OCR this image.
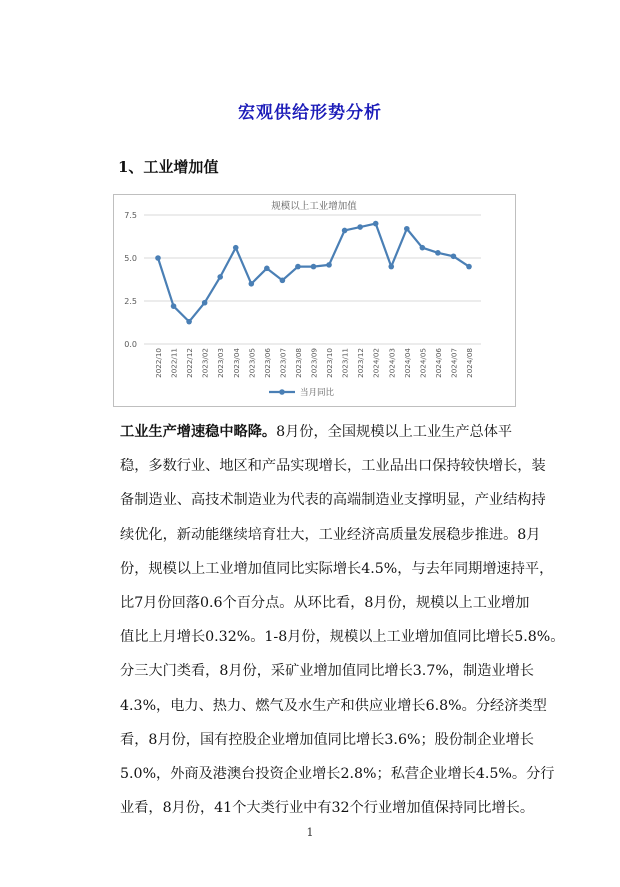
宏观供给形势分析
1、工业增加值
规模以上工业增加值
0.0
2.5
5.0
7.5
2022/10 2022/11 2022/12 2023/02 2023/03 2023/04 2023/05 2023/06 2023/07 2023/08 2023/09 2023/10 2023/11 2023/12 2024/02 2024/03 2024/04 2024/05 2024/06 2024/07 2024/08
当月同比
工业生产增速稳中略降。8月份，全国规模以上工业生产总体平
稳，多数行业、地区和产品实现增长，工业品出口保持较快增长，装
备制造业、高技术制造业为代表的高端制造业支撑明显，产业结构持
续优化，新动能继续培育壮大，工业经济高质量发展稳步推进。8月
份，规模以上工业增加值同比实际增长4.5%，与去年同期增速持平，
比7月份回落0.6个百分点。从环比看，8月份，规模以上工业增加
值比上月增长0.32%。1-8月份，规模以上工业增加值同比增长5.8%。
分三大门类看，8月份，采矿业增加值同比增长3.7%，制造业增长
4.3%，电力、热力、燃气及水生产和供应业增长6.8%。分经济类型
看，8月份，国有控股企业增加值同比增长3.6%；股份制企业增长
5.0%，外商及港澳台投资企业增长2.8%；私营企业增长4.5%。分行
业看，8月份，41个大类行业中有32个行业增加值保持同比增长。
1
